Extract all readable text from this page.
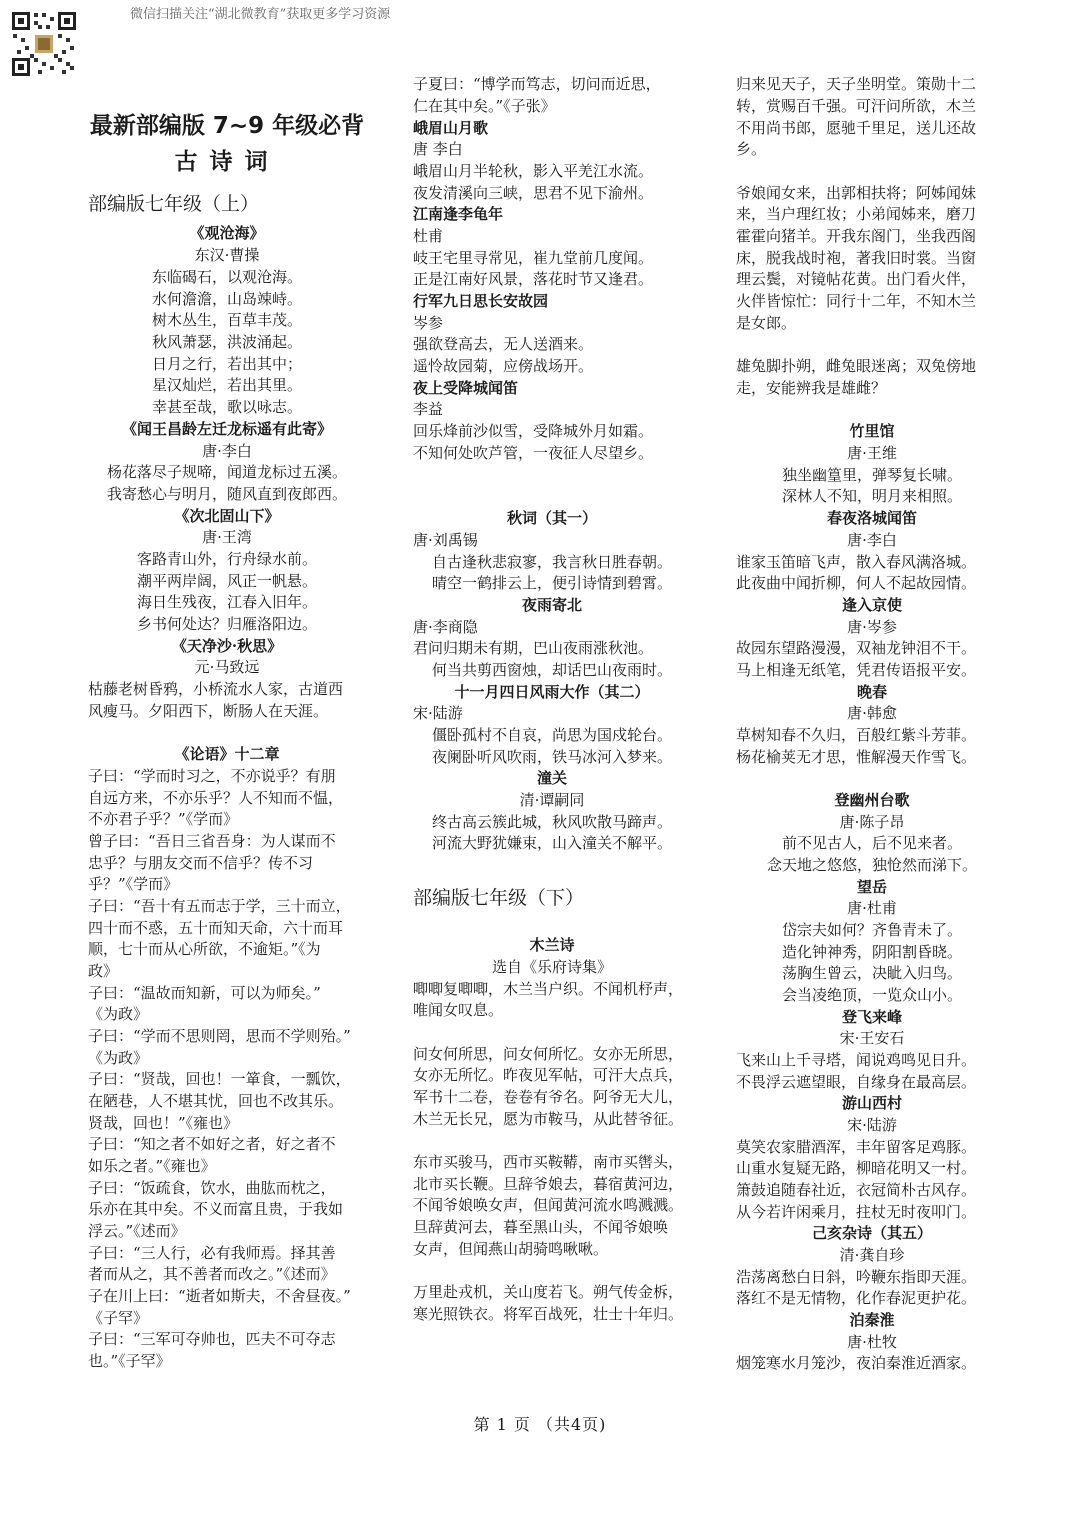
微信扫描关注“湖北微教育”获取更多学习资源
最新部编版 7~9 年级必背
古诗词
部编版七年级（上）

《观沧海》

东汉·曹操

东临碣石，以观沧海。

水何澹澹，山岛竦峙。

树木丛生，百草丰茂。

秋风萧瑟，洪波涌起。

日月之行，若出其中；

星汉灿烂，若出其里。

幸甚至哉，歌以咏志。

《闻王昌龄左迁龙标遥有此寄》

唐·李白

杨花落尽子规啼，闻道龙标过五溪。

我寄愁心与明月，随风直到夜郎西。

《次北固山下》

唐·王湾

客路青山外，行舟绿水前。

潮平两岸阔，风正一帆悬。

海日生残夜，江春入旧年。

乡书何处达？归雁洛阳边。

《天净沙·秋思》

元·马致远

枯藤老树昏鸦，小桥流水人家，古道西

风瘦马。夕阳西下，断肠人在天涯。

《论语》十二章

子曰：“学而时习之，不亦说乎？有朋

自远方来，不亦乐乎？人不知而不愠，

不亦君子乎？”《学而》

曾子曰：“吾日三省吾身：为人谋而不

忠乎？与朋友交而不信乎？传不习

乎？”《学而》

子曰：“吾十有五而志于学，三十而立，

四十而不惑，五十而知天命，六十而耳

顺，七十而从心所欲，不逾矩。”《为

政》

子曰：“温故而知新，可以为师矣。”

《为政》

子曰：“学而不思则罔，思而不学则殆。”

《为政》

子曰：“贤哉，回也！一箪食，一瓢饮，

在陋巷，人不堪其忧，回也不改其乐。

贤哉，回也！”《雍也》

子曰：“知之者不如好之者，好之者不

如乐之者。”《雍也》

子曰：“饭疏食，饮水，曲肱而枕之，

乐亦在其中矣。不义而富且贵，于我如

浮云。”《述而》

子曰：“三人行，必有我师焉。择其善

者而从之，其不善者而改之。”《述而》

子在川上曰：“逝者如斯夫，不舍昼夜。”

《子罕》

子曰：“三军可夺帅也，匹夫不可夺志

也。”《子罕》

部编版七年级（下）

子夏曰：“博学而笃志，切问而近思，

仁在其中矣。”《子张》

峨眉山月歌

唐 李白

峨眉山月半轮秋，影入平羌江水流。

夜发清溪向三峡，思君不见下渝州。

江南逢李龟年

杜甫

岐王宅里寻常见，崔九堂前几度闻。

正是江南好风景，落花时节又逢君。

行军九日思长安故园

岑参

强欲登高去，无人送酒来。

遥怜故园菊，应傍战场开。

夜上受降城闻笛

李益

回乐烽前沙似雪，受降城外月如霜。

不知何处吹芦管，一夜征人尽望乡。

秋词（其一）

唐·刘禹锡

自古逢秋悲寂寥，我言秋日胜春朝。

晴空一鹤排云上，便引诗情到碧霄。

夜雨寄北

唐·李商隐

君问归期未有期，巴山夜雨涨秋池。

何当共剪西窗烛，却话巴山夜雨时。

十一月四日风雨大作（其二）

宋·陆游

僵卧孤村不自哀，尚思为国戍轮台。

夜阑卧听风吹雨，铁马冰河入梦来。

潼关

清·谭嗣同

终古高云簇此城，秋风吹散马蹄声。

河流大野犹嫌束，山入潼关不解平。

木兰诗

选自《乐府诗集》

唧唧复唧唧，木兰当户织。不闻机杼声，

唯闻女叹息。

问女何所思，问女何所忆。女亦无所思，

女亦无所忆。昨夜见军帖，可汗大点兵，

军书十二卷，卷卷有爷名。阿爷无大儿，

木兰无长兄，愿为市鞍马，从此替爷征。

东市买骏马，西市买鞍鞯，南市买辔头，

北市买长鞭。旦辞爷娘去，暮宿黄河边，

不闻爷娘唤女声，但闻黄河流水鸣溅溅。

旦辞黄河去，暮至黑山头，不闻爷娘唤

女声，但闻燕山胡骑鸣啾啾。

万里赴戎机，关山度若飞。朔气传金柝，

寒光照铁衣。将军百战死，壮士十年归。

归来见天子，天子坐明堂。策勋十二

转，赏赐百千强。可汗问所欲，木兰

不用尚书郎，愿驰千里足，送儿还故

乡。

爷娘闻女来，出郭相扶将；阿姊闻妹

来，当户理红妆；小弟闻姊来，磨刀

霍霍向猪羊。开我东阁门，坐我西阁

床，脱我战时袍，著我旧时裳。当窗

理云鬓，对镜帖花黄。出门看火伴，

火伴皆惊忙：同行十二年，不知木兰

是女郎。

雄兔脚扑朔，雌兔眼迷离；双兔傍地

走，安能辨我是雄雌？

竹里馆

唐·王维

独坐幽篁里，弹琴复长啸。

深林人不知，明月来相照。

春夜洛城闻笛

唐·李白

谁家玉笛暗飞声，散入春风满洛城。

此夜曲中闻折柳，何人不起故园情。

逢入京使

唐·岑参

故园东望路漫漫，双袖龙钟泪不干。

马上相逢无纸笔，凭君传语报平安。

晚春

唐·韩愈

草树知春不久归，百般红紫斗芳菲。

杨花榆荚无才思，惟解漫天作雪飞。

登幽州台歌

唐·陈子昂

前不见古人，后不见来者。

念天地之悠悠，独怆然而涕下。

望岳

唐·杜甫

岱宗夫如何？齐鲁青未了。

造化钟神秀，阴阳割昏晓。

荡胸生曾云，决眦入归鸟。

会当凌绝顶，一览众山小。

登飞来峰

宋·王安石

飞来山上千寻塔，闻说鸡鸣见日升。

不畏浮云遮望眼，自缘身在最高层。

游山西村

宋·陆游

莫笑农家腊酒浑，丰年留客足鸡豚。

山重水复疑无路，柳暗花明又一村。

箫鼓追随春社近，衣冠简朴古风存。

从今若许闲乘月，拄杖无时夜叩门。

己亥杂诗（其五）

清·龚自珍

浩荡离愁白日斜，吟鞭东指即天涯。

落红不是无情物，化作春泥更护花。

泊秦淮

唐·杜牧

烟笼寒水月笼沙，夜泊秦淮近酒家。

第 1 页 （共4页)
